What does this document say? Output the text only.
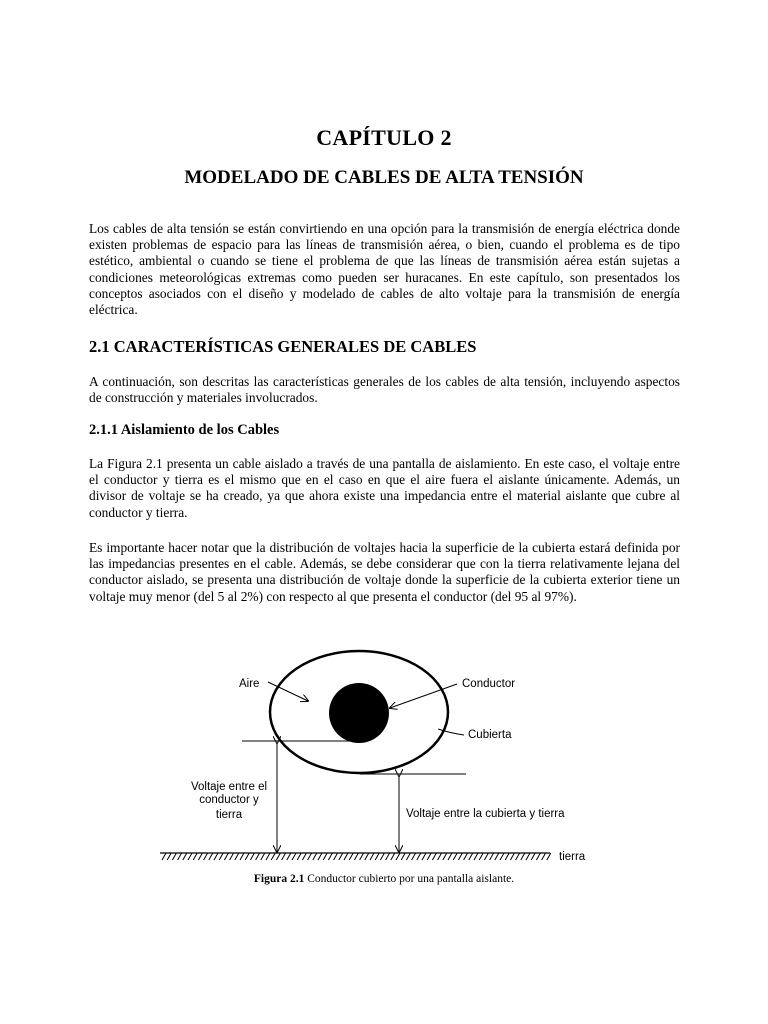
CAPÍTULO 2
MODELADO DE CABLES DE ALTA TENSIÓN
Los cables de alta tensión se están convirtiendo en una opción para la transmisión de energía eléctrica donde existen problemas de espacio para las líneas de transmisión aérea, o bien, cuando el problema es de tipo estético, ambiental o cuando se tiene el problema de que las líneas de transmisión aérea están sujetas a condiciones meteorológicas extremas como pueden ser huracanes. En este capítulo, son presentados los conceptos asociados con el diseño y modelado de cables de alto voltaje para la transmisión de energía eléctrica.
2.1 CARACTERÍSTICAS GENERALES DE CABLES
A continuación, son descritas las características generales de los cables de alta tensión, incluyendo aspectos de construcción y materiales involucrados.
2.1.1 Aislamiento de los Cables
La Figura 2.1 presenta un cable aislado a través de una pantalla de aislamiento. En este caso, el voltaje entre el conductor y tierra es el mismo que en el caso en que el aire fuera el aislante únicamente. Además, un divisor de voltaje se ha creado, ya que ahora existe una impedancia entre el material aislante que cubre al conductor y tierra.
Es importante hacer notar que la distribución de voltajes hacia la superficie de la cubierta estará definida por las impedancias presentes en el cable. Además, se debe considerar que con la tierra relativamente lejana del conductor aislado, se presenta una distribución de voltaje donde la superficie de la cubierta exterior tiene un voltaje muy menor (del 5 al 2%) con respecto al que presenta el conductor (del 95 al 97%).
Aire	Conductor
Cubierta
Voltaje entre el
conductor y
tierra	Voltaje entre la cubierta y tierra
tierra
Figura 2.1 Conductor cubierto por una pantalla aislante.
